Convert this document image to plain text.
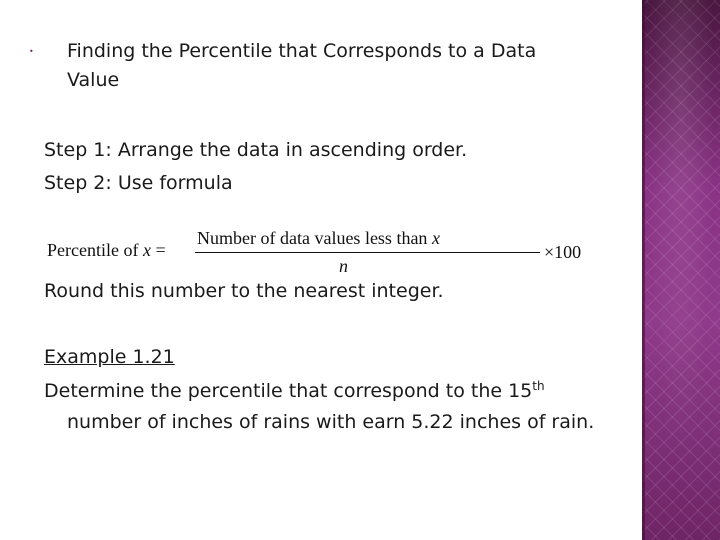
• Finding the Percentile that Corresponds to a Data
Value
Step 1: Arrange the data in ascending order.
Step 2: Use formula
Percentile of x =
Number of data values less than x
n
×100
Round this number to the nearest integer.
Example 1.21
Determine the percentile that correspond to the 15th
number of inches of rains with earn 5.22 inches of rain.
